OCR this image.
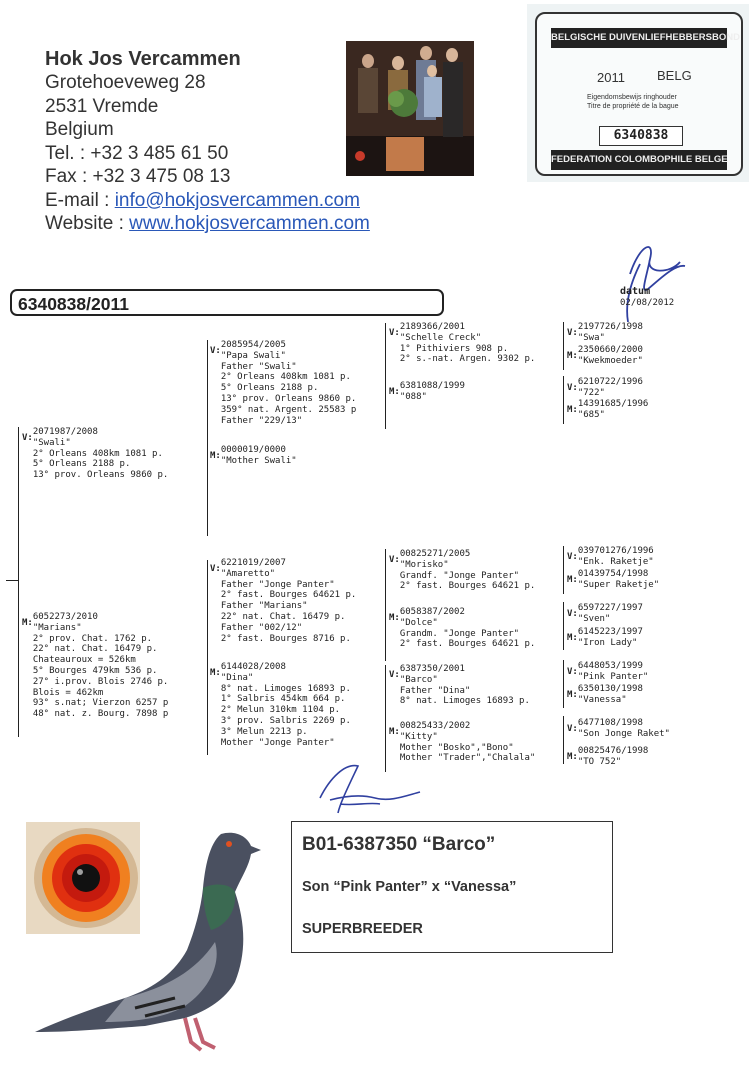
Hok Jos Vercammen
Grotehoeveweg 28
2531 Vremde
Belgium
Tel. : +32 3 485 61 50
Fax : +32 3 475 08 13
E-mail : info@hokjosvercammen.com
Website : www.hokjosvercammen.com
BELGISCHE DUIVENLIEFHEBBERSBOND
2011 BELG
Eigendomsbewijs ringhouder
Titre de propriété de la bague
6340838
FEDERATION COLOMBOPHILE BELGE
datum
02/08/2012
6340838/2011
V:2071987/2008
"Swali"
2° Orleans 408km 1081 p.
5° Orleans 2188 p.
13° prov. Orleans 9860 p.
M:6052273/2010
"Marians"
2° prov. Chat. 1762 p.
22° nat. Chat. 16479 p.
Chateauroux = 526km
5° Bourges 479km 536 p.
27° i.prov. Blois 2746 p.
Blois = 462km
93° s.nat; Vierzon 6257 p
48° nat. z. Bourg. 7898 p
V:2085954/2005
"Papa Swali"
Father "Swali"
2° Orleans 408km 1081 p.
5° Orleans 2188 p.
13° prov. Orleans 9860 p.
359° nat. Argent. 25583 p
Father "229/13"
M:0000019/0000
"Mother Swali"
V:6221019/2007
"Amaretto"
Father "Jonge Panter"
2° fast. Bourges 64621 p.
Father "Marians"
22° nat. Chat. 16479 p.
Father "002/12"
2° fast. Bourges 8716 p.
M:6144028/2008
"Dina"
8° nat. Limoges 16893 p.
1° Salbris 454km 664 p.
2° Melun 310km 1104 p.
3° prov. Salbris 2269 p.
3° Melun 2213 p.
Mother "Jonge Panter"
V:2189366/2001
"Schelle Creck"
1° Pithiviers 908 p.
2° s.-nat. Argen. 9302 p.
M:6381088/1999
"088"
V:00825271/2005
"Morisko"
Grandf. "Jonge Panter"
2° fast. Bourges 64621 p.
M:6058387/2002
"Dolce"
Grandm. "Jonge Panter"
2° fast. Bourges 64621 p.
V:6387350/2001
"Barco"
Father "Dina"
8° nat. Limoges 16893 p.
M:00825433/2002
"Kitty"
Mother "Bosko","Bono"
Mother "Trader","Chalala"
V:2197726/1998
"Swa"
M:2350660/2000
"Kwekmoeder"
V:6210722/1996
"722"
M:14391685/1996
"685"
V:039701276/1996
"Enk. Raketje"
M:01439754/1998
"Super Raketje"
V:6597227/1997
"Sven"
M:6145223/1997
"Iron Lady"
V:6448053/1999
"Pink Panter"
M:6350130/1998
"Vanessa"
V:6477108/1998
"Son Jonge Raket"
M:00825476/1998
"TO 752"
B01-6387350 “Barco”
Son “Pink Panter” x “Vanessa”
SUPERBREEDER
